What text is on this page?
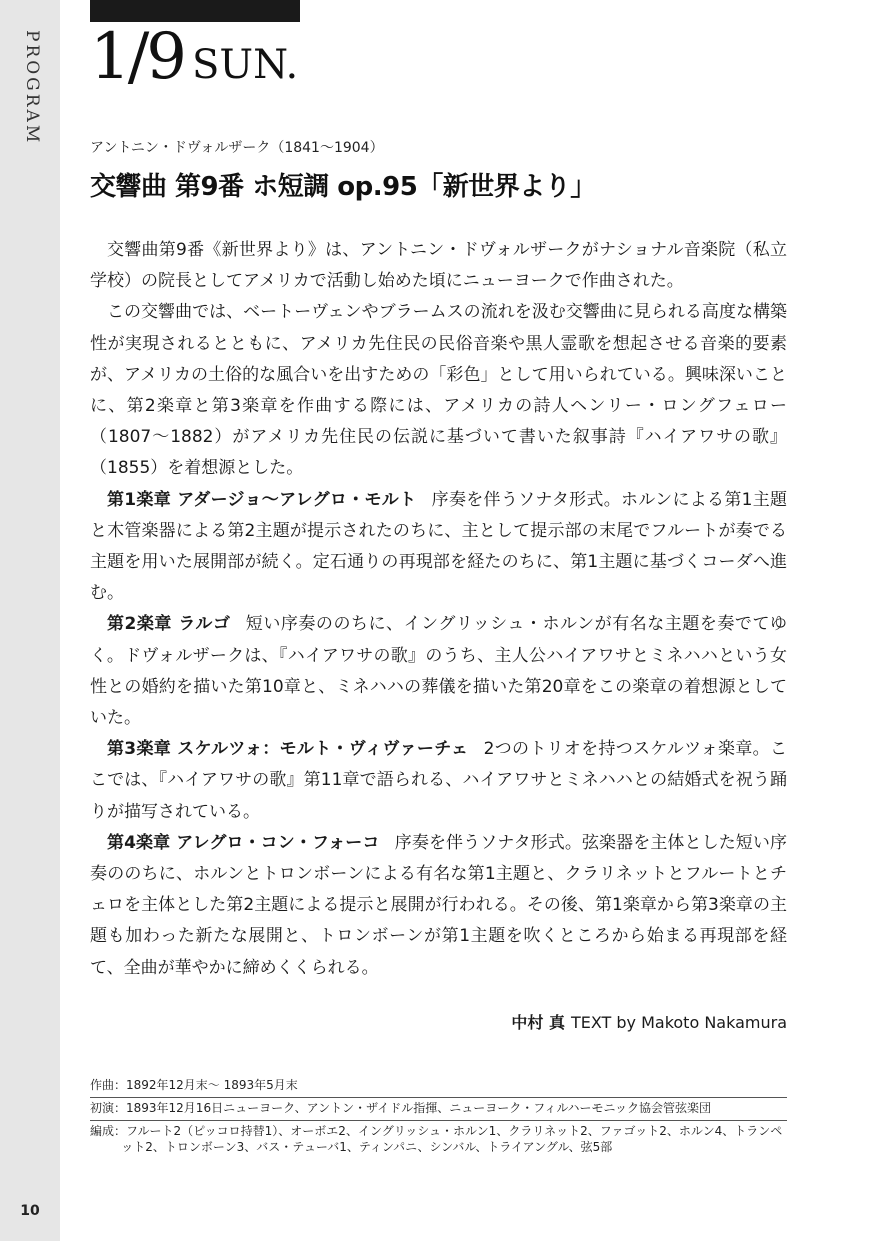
PROGRAM
10
1/9 SUN.
アントニン・ドヴォルザーク（1841～1904）
交響曲 第9番 ホ短調 op.95「新世界より」

交響曲第9番《新世界より》は、アントニン・ドヴォルザークがナショナル音楽院（私立学校）の院長としてアメリカで活動し始めた頃にニューヨークで作曲された。

この交響曲では、ベートーヴェンやブラームスの流れを汲む交響曲に見られる高度な構築性が実現されるとともに、アメリカ先住民の民俗音楽や黒人霊歌を想起させる音楽的要素が、アメリカの土俗的な風合いを出すための「彩色」として用いられている。興味深いことに、第2楽章と第3楽章を作曲する際には、アメリカの詩人ヘンリー・ロングフェロー（1807～1882）がアメリカ先住民の伝説に基づいて書いた叙事詩『ハイアワサの歌』（1855）を着想源とした。

第1楽章 アダージョ～アレグロ・モルト 序奏を伴うソナタ形式。ホルンによる第1主題と木管楽器による第2主題が提示されたのちに、主として提示部の末尾でフルートが奏でる主題を用いた展開部が続く。定石通りの再現部を経たのちに、第1主題に基づくコーダへ進む。

第2楽章 ラルゴ 短い序奏ののちに、イングリッシュ・ホルンが有名な主題を奏でてゆく。ドヴォルザークは、『ハイアワサの歌』のうち、主人公ハイアワサとミネハハという女性との婚約を描いた第10章と、ミネハハの葬儀を描いた第20章をこの楽章の着想源としていた。

第3楽章 スケルツォ：モルト・ヴィヴァーチェ 2つのトリオを持つスケルツォ楽章。ここでは、『ハイアワサの歌』第11章で語られる、ハイアワサとミネハハとの結婚式を祝う踊りが描写されている。

第4楽章 アレグロ・コン・フォーコ 序奏を伴うソナタ形式。弦楽器を主体とした短い序奏ののちに、ホルンとトロンボーンによる有名な第1主題と、クラリネットとフルートとチェロを主体とした第2主題による提示と展開が行われる。その後、第1楽章から第3楽章の主題も加わった新たな展開と、トロンボーンが第1主題を吹くところから始まる再現部を経て、全曲が華やかに締めくくられる。

中村 真 TEXT by Makoto Nakamura
作曲：1892年12月末～ 1893年5月末
初演：1893年12月16日ニューヨーク、アントン・ザイドル指揮、ニューヨーク・フィルハーモニック協会管弦楽団
編成：フルート2（ピッコロ持替1）、オーボエ2、イングリッシュ・ホルン1、クラリネット2、ファゴット2、ホルン4、トランペット2、トロンボーン3、バス・テューバ1、ティンパニ、シンバル、トライアングル、弦5部
